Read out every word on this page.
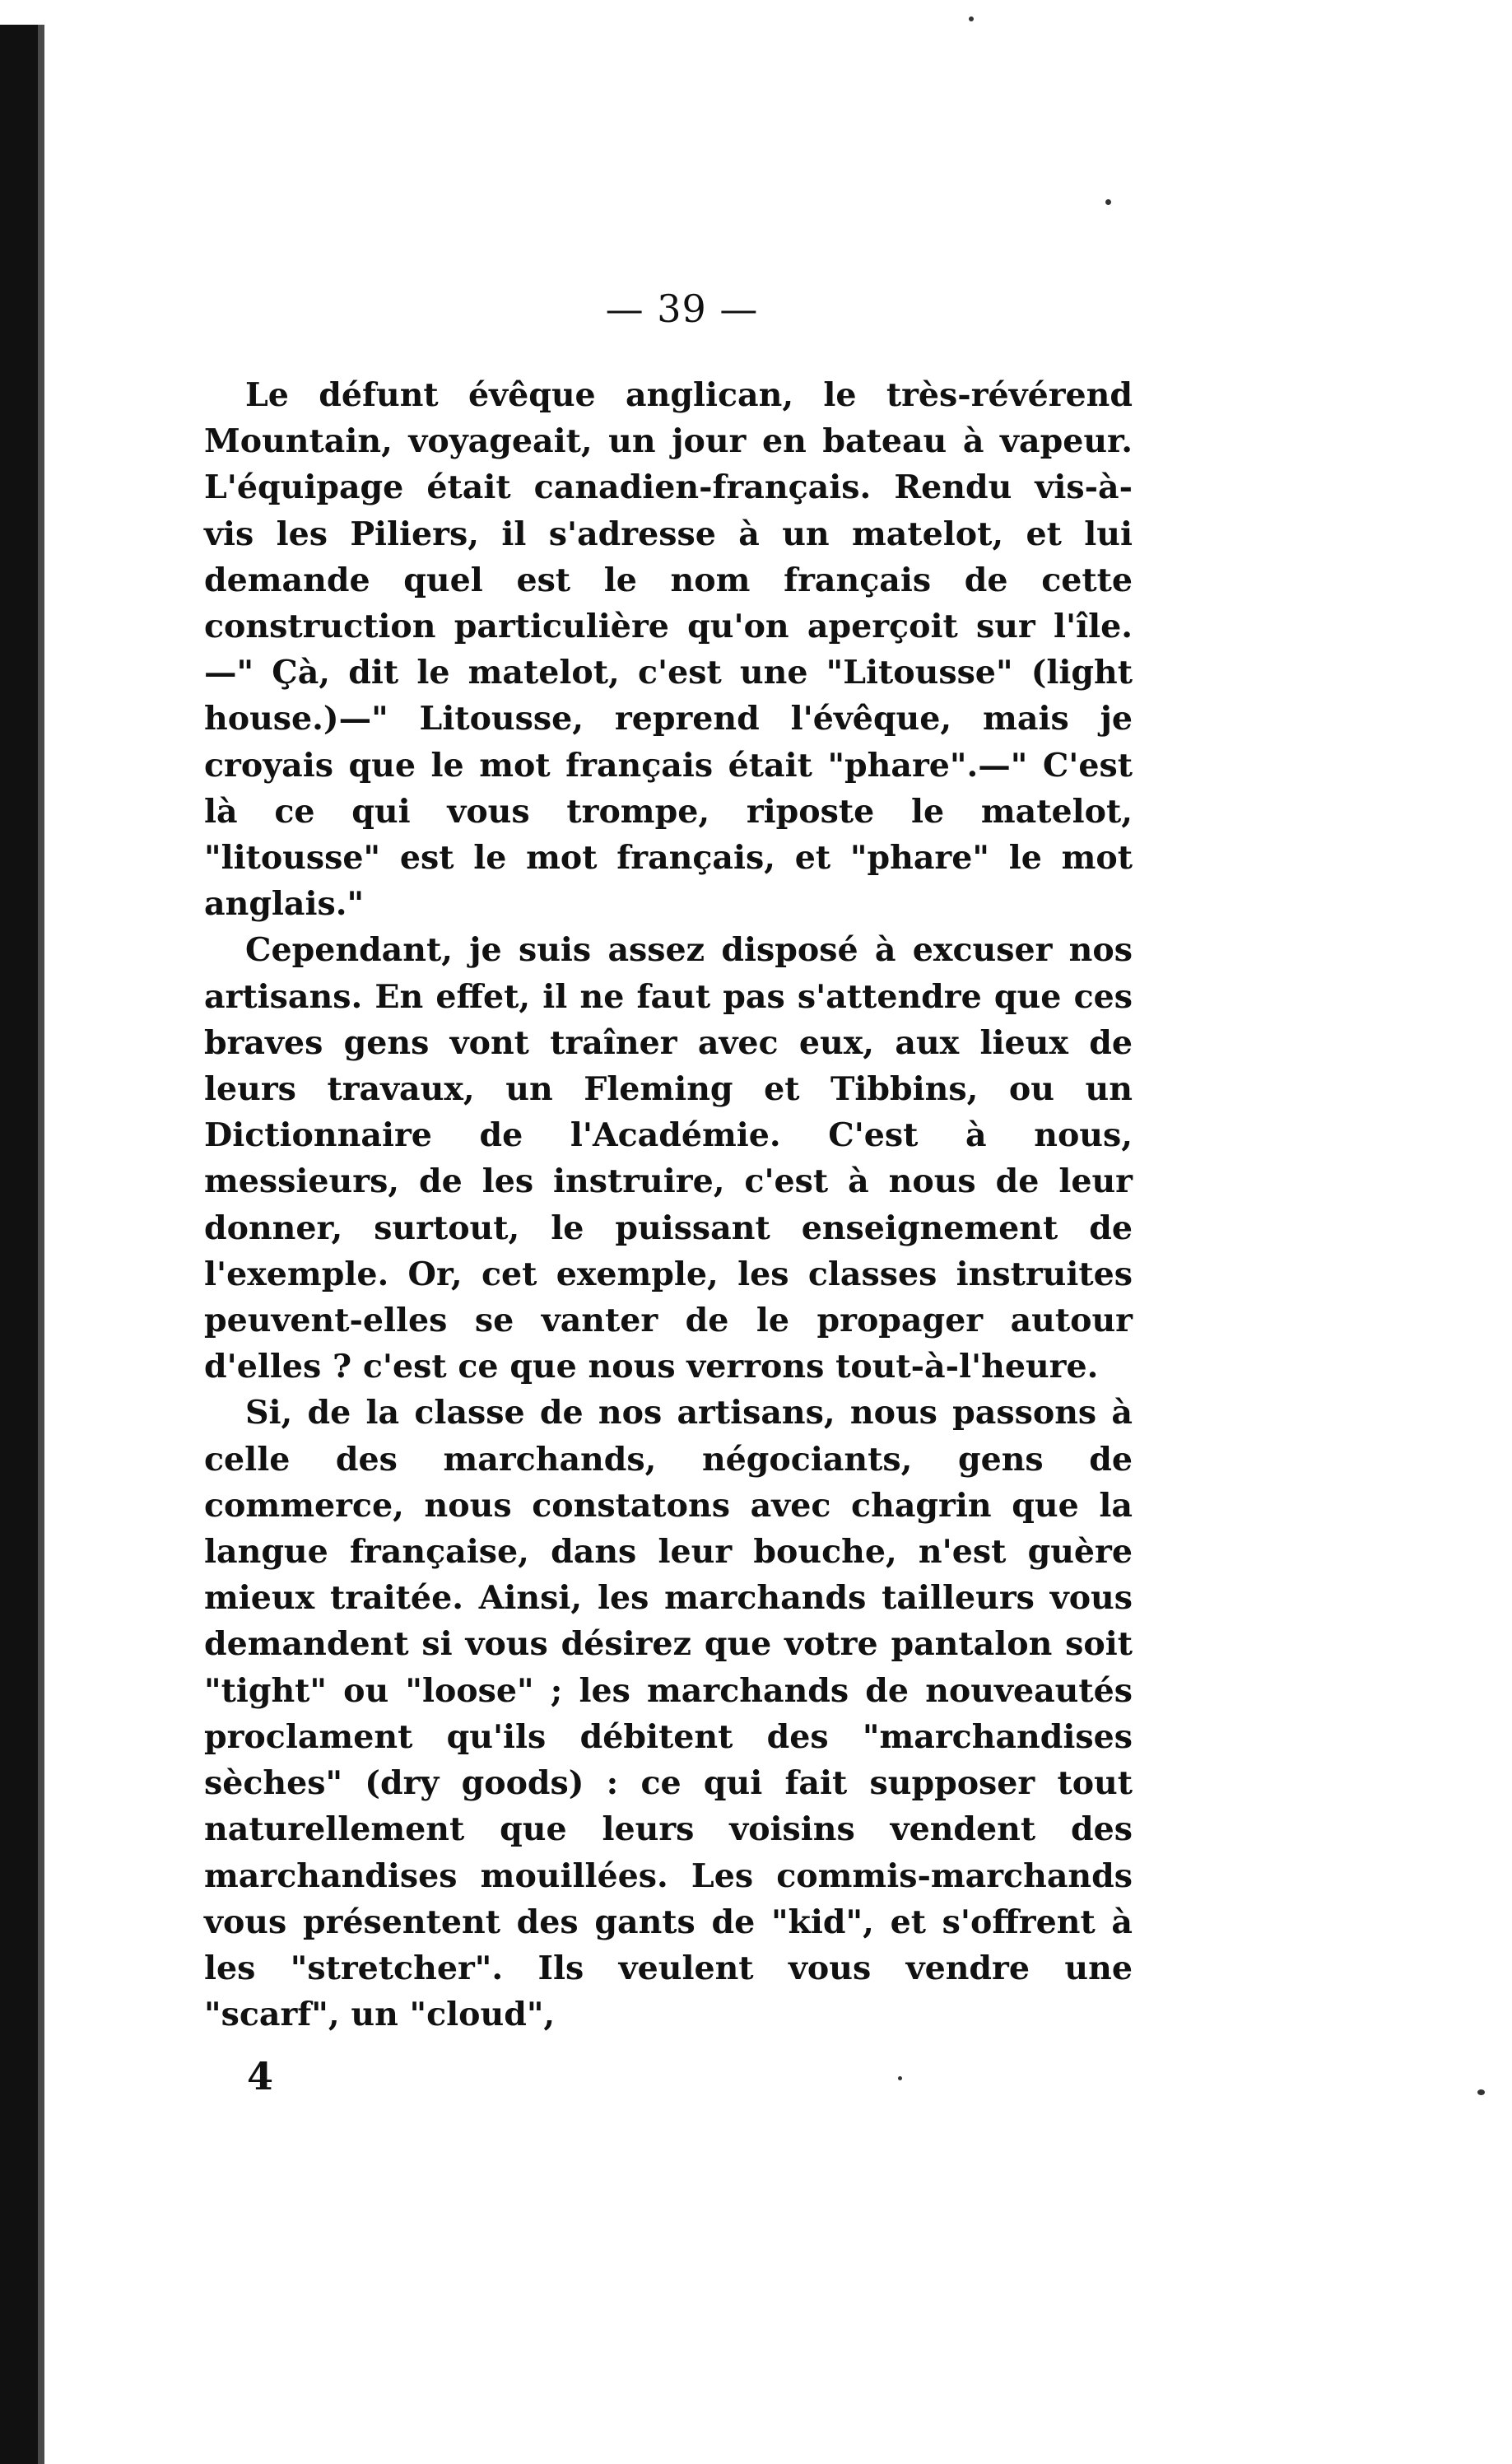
— 39 —

Le défunt évêque anglican, le très-révérend Mountain, voyageait, un jour en bateau à vapeur. L'équipage était canadien-français. Rendu vis-à-vis les Piliers, il s'adresse à un matelot, et lui demande quel est le nom français de cette construction particulière qu'on aperçoit sur l'île.—" Çà, dit le matelot, c'est une "Litousse" (light house.)—" Litousse, reprend l'évêque, mais je croyais que le mot français était "phare".—" C'est là ce qui vous trompe, riposte le matelot, "litousse" est le mot français, et "phare" le mot anglais."

Cependant, je suis assez disposé à excuser nos artisans. En effet, il ne faut pas s'attendre que ces braves gens vont traîner avec eux, aux lieux de leurs travaux, un Fleming et Tibbins, ou un Dictionnaire de l'Académie. C'est à nous, messieurs, de les instruire, c'est à nous de leur donner, surtout, le puissant enseignement de l'exemple. Or, cet exemple, les classes instruites peuvent-elles se vanter de le propager autour d'elles ? c'est ce que nous verrons tout-à-l'heure.

Si, de la classe de nos artisans, nous passons à celle des marchands, négociants, gens de commerce, nous constatons avec chagrin que la langue française, dans leur bouche, n'est guère mieux traitée. Ainsi, les marchands tailleurs vous demandent si vous désirez que votre pantalon soit "tight" ou "loose" ; les marchands de nouveautés proclament qu'ils débitent des "marchandises sèches" (dry goods) : ce qui fait supposer tout naturellement que leurs voisins vendent des marchandises mouillées. Les commis-marchands vous présentent des gants de "kid", et s'offrent à les "stretcher". Ils veulent vous vendre une "scarf", un "cloud",

4
